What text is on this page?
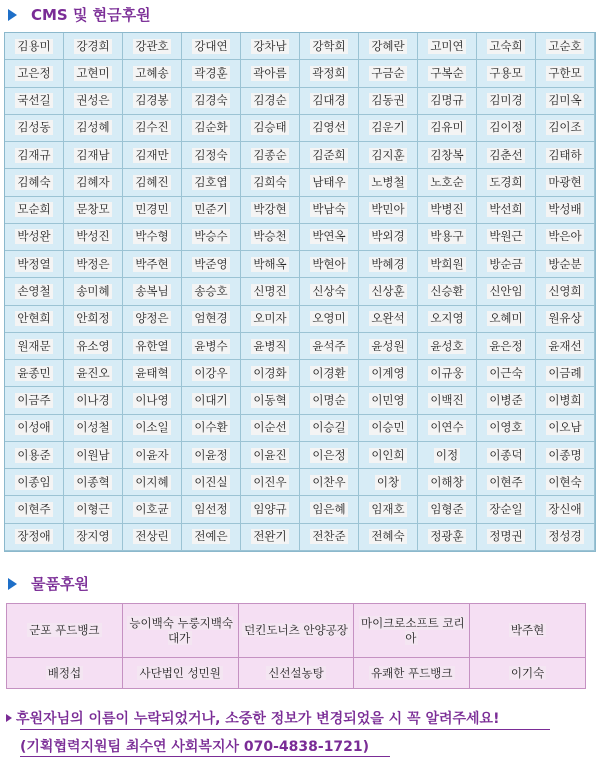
CMS 및 현금후원
김용미 강경희 강관호 강대연 강차남 강학희 강혜란 고미연 고숙희 고순호
고은정 고현미 고혜송 곽경훈 곽아름 곽정희 구금순 구복순 구용모 구한모
국선길 권성은 김경봉 김경숙 김경순 김대경 김동권 김명규 김미경 김미옥
김성동 김성혜 김수진 김순화 김승태 김영선 김운기 김유미 김이정 김이조
김재규 김재남 김재만 김정숙 김종순 김준희 김지훈 김창복 김춘선 김태하
김혜숙 김혜자 김혜진 김호엽 김희숙 남태우 노병철 노호순 도경희 마광현
모순희 문창모 민경민 민준기 박강현 박남숙 박민아 박병진 박선희 박성배
박성완 박성진 박수형 박승수 박승천 박연옥 박외경 박용구 박원근 박은아
박정열 박정은 박주현 박준영 박해옥 박현아 박혜경 박희원 방순금 방순분
손영철 송미혜 송복님 송승호 신명진 신상숙 신상훈 신승환 신안임 신영희
안현희 안희정 양정은 엄현경 오미자 오영미 오완석 오지영 오혜미 원유상
원재문 유소영 유한열 윤병수 윤병직 윤석주 윤성원 윤성호 윤은정 윤재선
윤종민 윤진오 윤태혁 이강우 이경화 이경환 이계영 이규웅 이근숙 이금례
이금주 이나경 이나영 이대기 이동혁 이명순 이민영 이백진 이병준 이병희
이성애 이성철 이소일 이수환 이순선 이승길 이승민 이연수 이영호 이오남
이용준 이원남 이윤자 이윤정 이윤진 이은정 이인희	이정	이종덕 이종명
이종임 이종혁 이지혜 이진실 이진우 이찬우	이창	이해창 이현주 이현숙
이현주 이형근 이호균 임선정 임양규 임은혜 임재호 임형준 장순일 장신애
장정애 장지영 전상린 전예은 전완기 전찬준 전혜숙 정광훈 정명권 정성경
물품후원
군포 푸드뱅크	능이백숙 누룽지백숙 대가	던킨도너츠 안양공장	마이크로소프트 코리아	박주현
배정섭	사단법인 성민원	신선설농탕	유쾌한 푸드뱅크	이기숙
후원자님의 이름이 누락되었거나, 소중한 정보가 변경되었을 시 꼭 알려주세요!
(기획협력지원팀 최수연 사회복지사 070-4838-1721)
